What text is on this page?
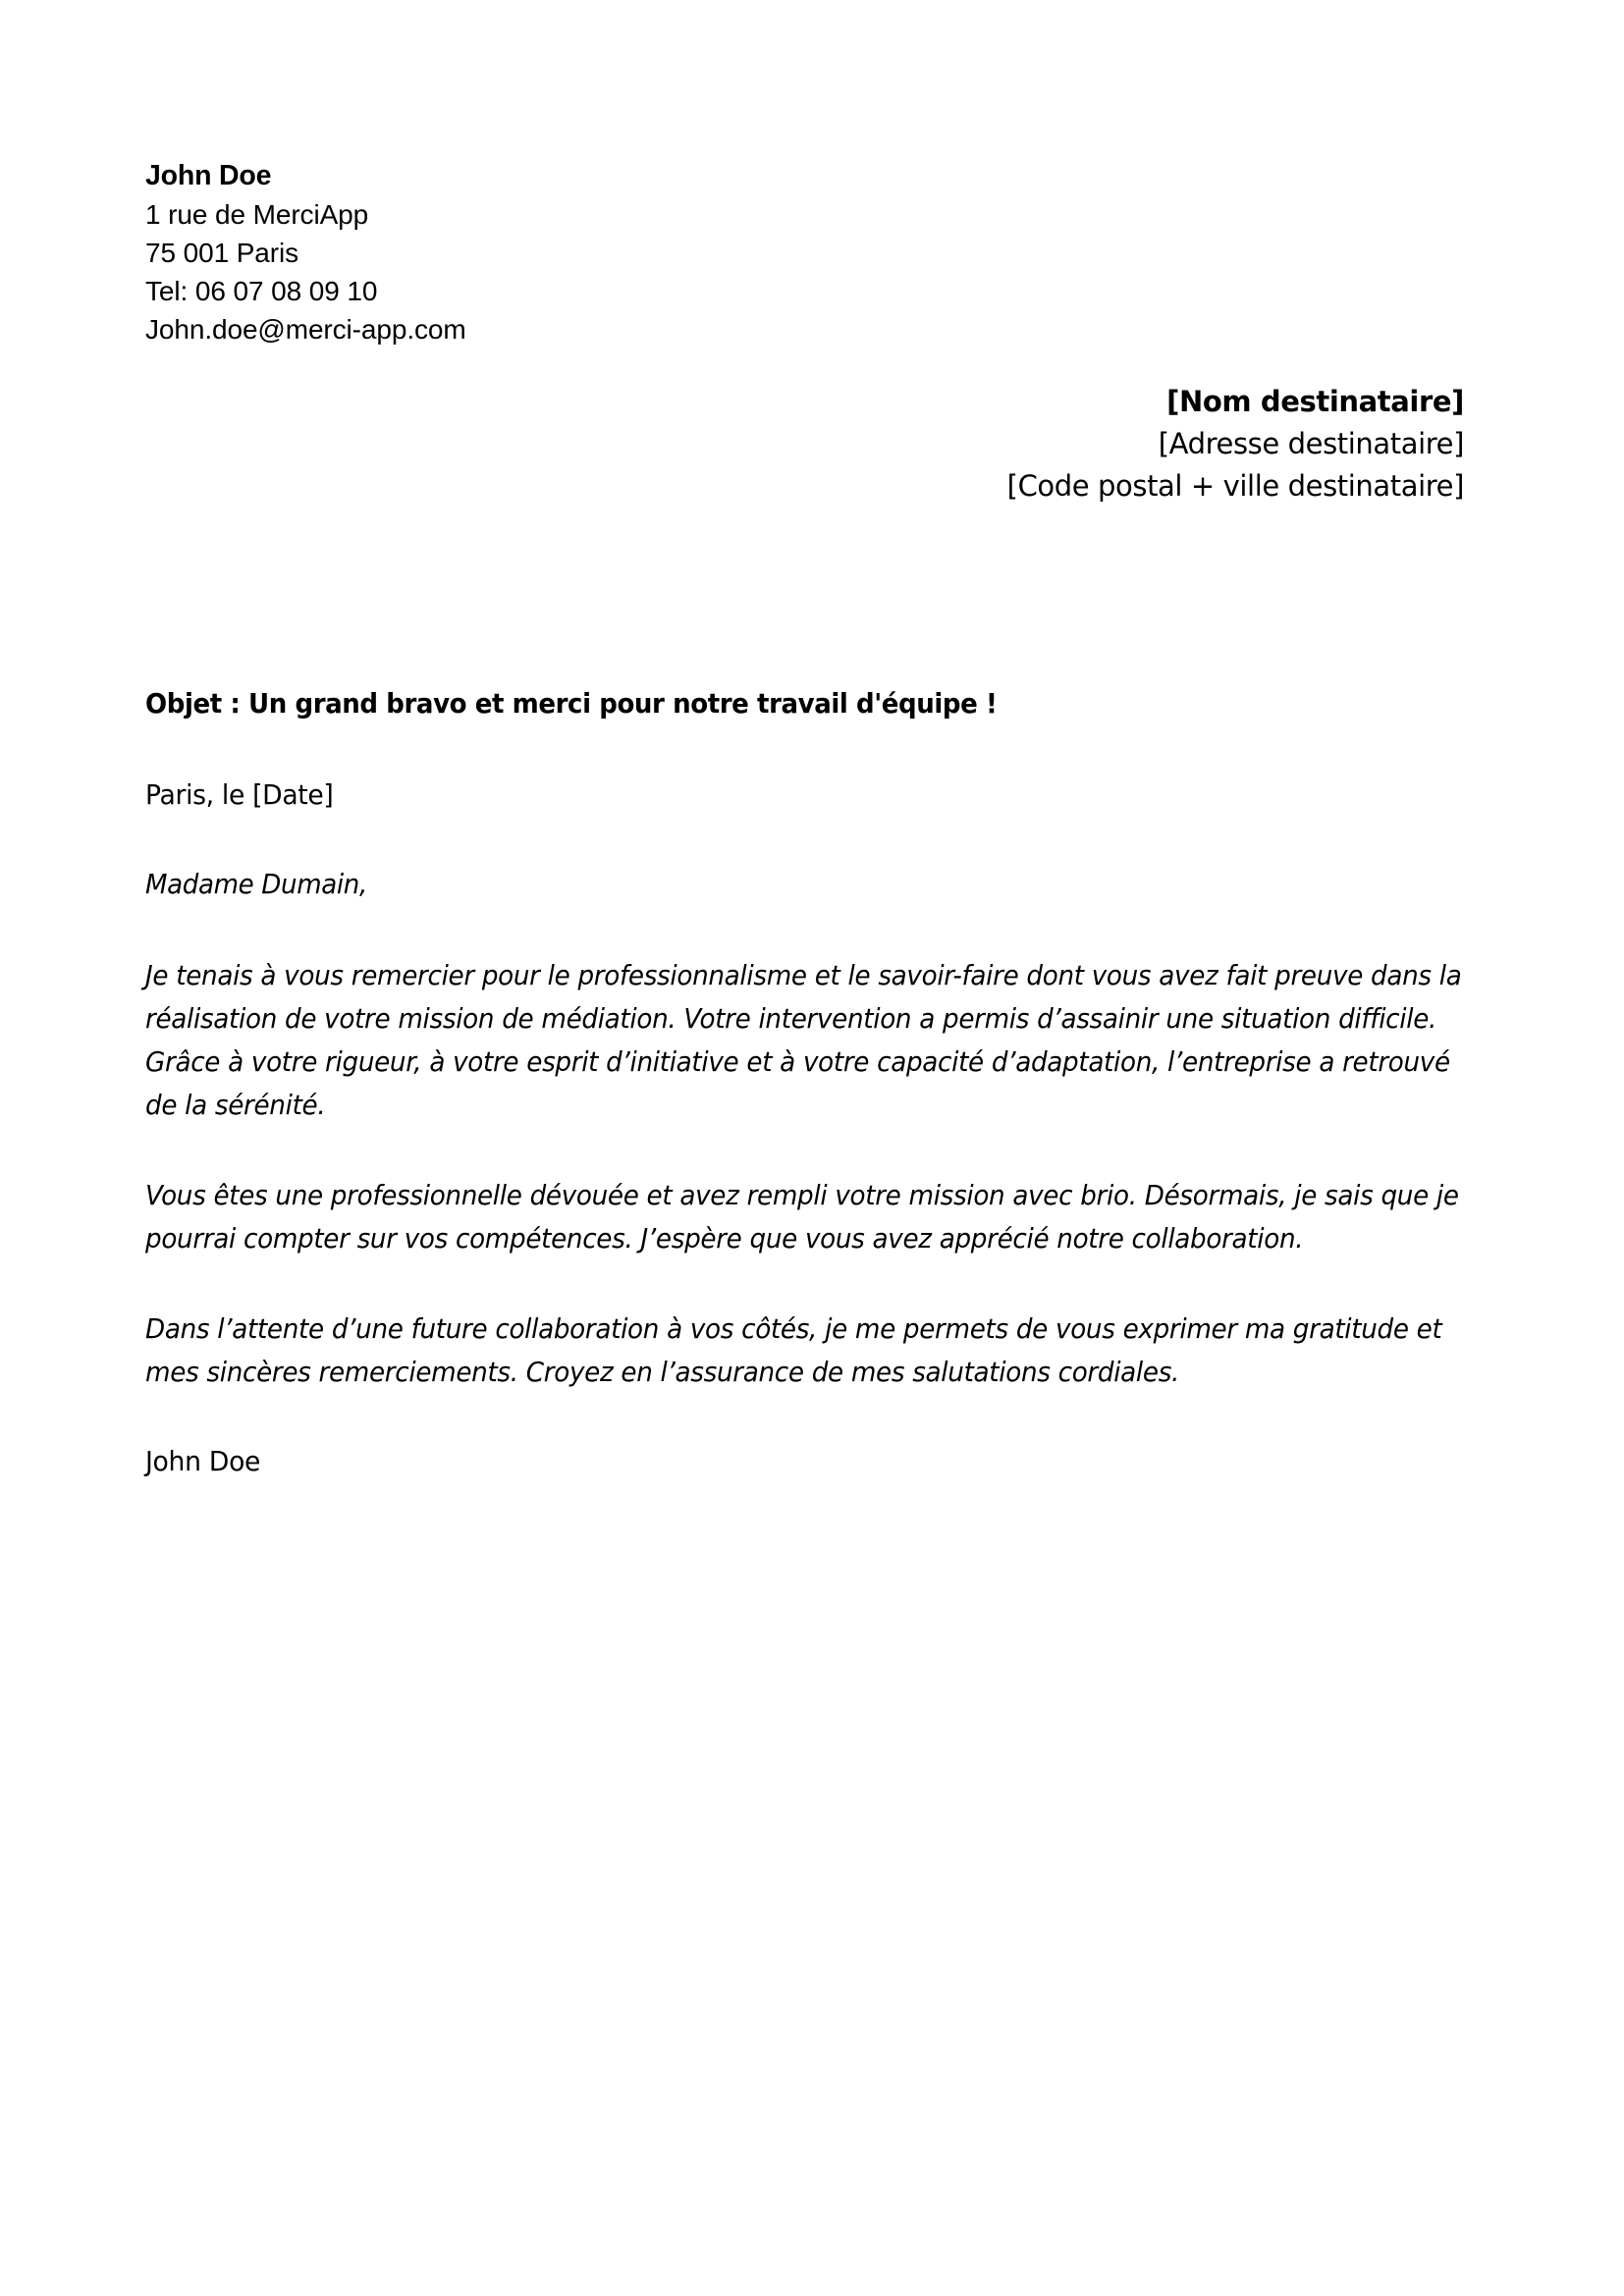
John Doe
1 rue de MerciApp
75 001 Paris
Tel: 06 07 08 09 10
John.doe@merci-app.com
[Nom destinataire]
[Adresse destinataire]
[Code postal + ville destinataire]

Objet : Un grand bravo et merci pour notre travail d'équipe !

Paris, le [Date]

Madame Dumain,

Je tenais à vous remercier pour le professionnalisme et le savoir-faire dont vous avez fait preuve dans la réalisation de votre mission de médiation. Votre intervention a permis d’assainir une situation difficile. Grâce à votre rigueur, à votre esprit d’initiative et à votre capacité d’adaptation, l’entreprise a retrouvé de la sérénité.

Vous êtes une professionnelle dévouée et avez rempli votre mission avec brio. Désormais, je sais que je pourrai compter sur vos compétences. J’espère que vous avez apprécié notre collaboration.

Dans l’attente d’une future collaboration à vos côtés, je me permets de vous exprimer ma gratitude et mes sincères remerciements. Croyez en l’assurance de mes salutations cordiales.

John Doe
